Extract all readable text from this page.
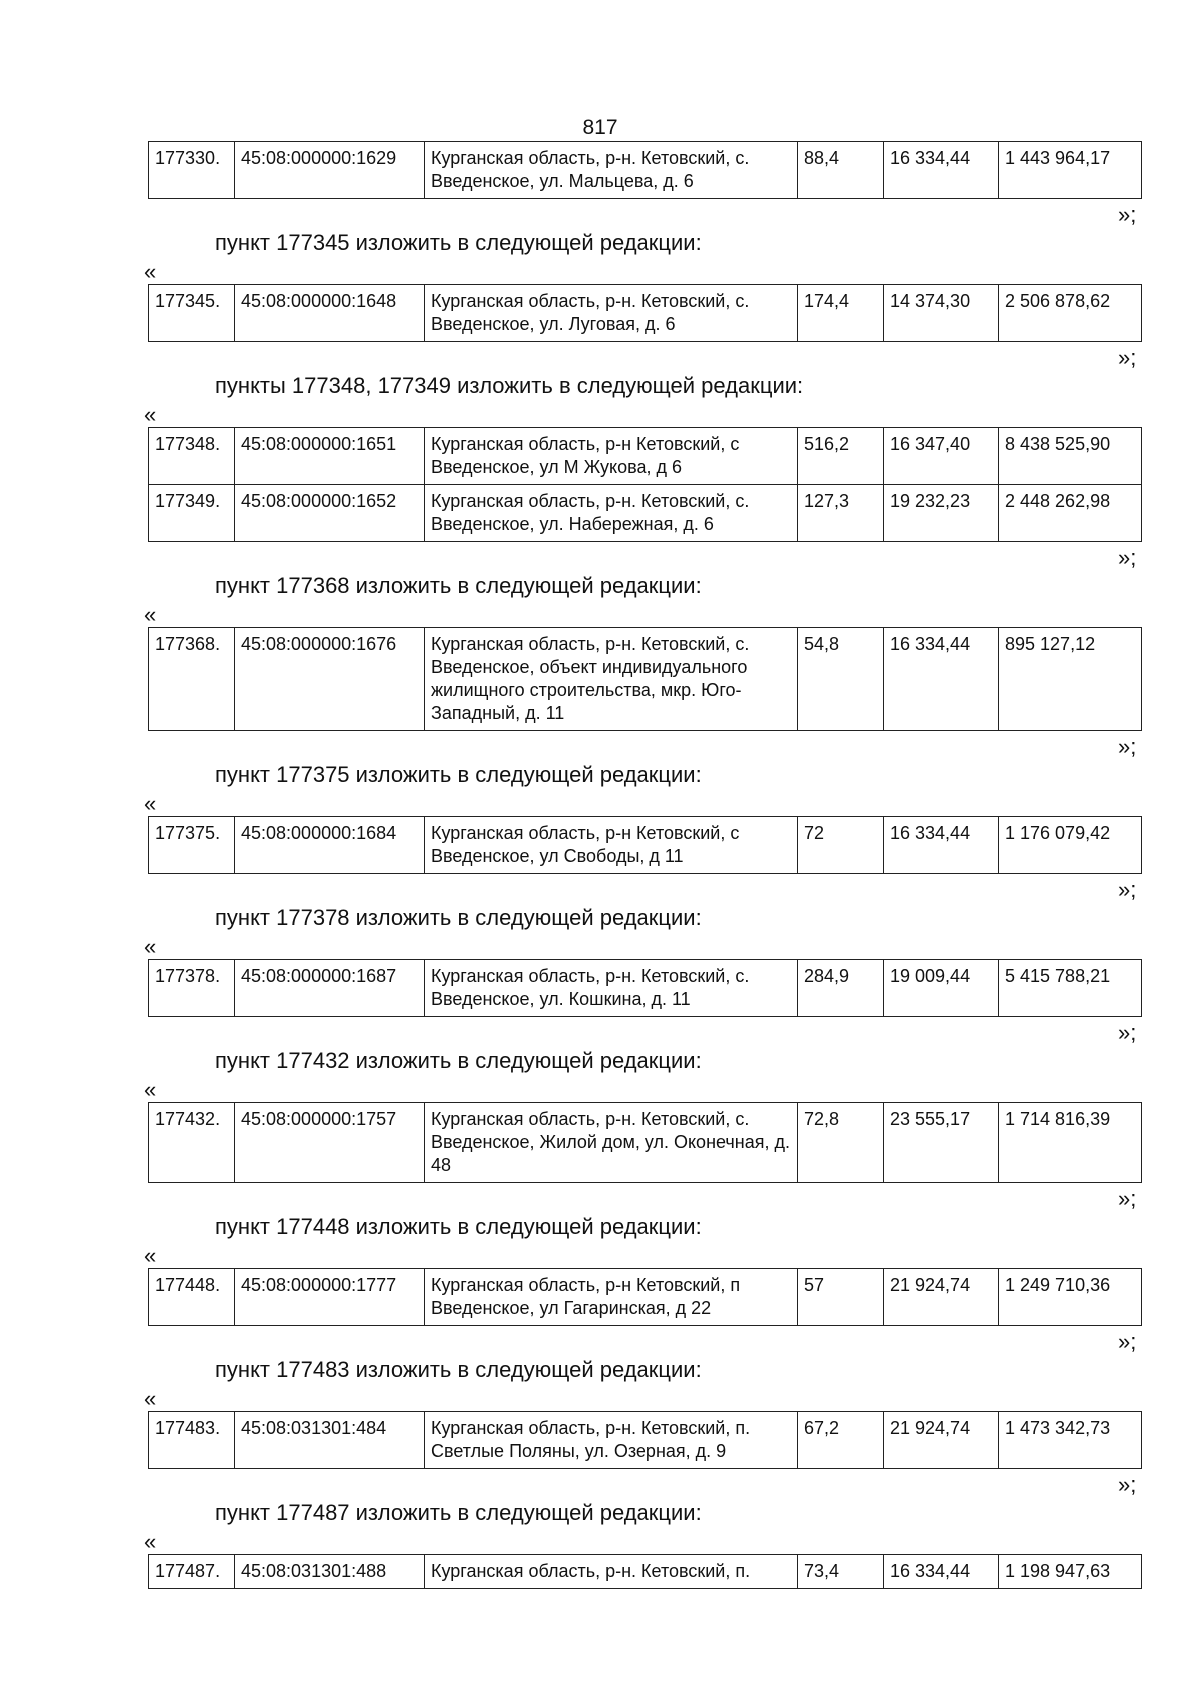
817
177330.	45:08:000000:1629	Курганская область, р-н. Кетовский, с. Введенское, ул. Мальцева, д. 6	88,4	16 334,44	1 443 964,17
»;
пункт 177345 изложить в следующей редакции:
«
177345.	45:08:000000:1648	Курганская область, р-н. Кетовский, с. Введенское, ул. Луговая, д. 6	174,4	14 374,30	2 506 878,62
»;
пункты 177348, 177349 изложить в следующей редакции:
«
177348.	45:08:000000:1651	Курганская область, р-н Кетовский, с Введенское, ул М Жукова, д 6	516,2	16 347,40	8 438 525,90
177349.	45:08:000000:1652	Курганская область, р-н. Кетовский, с. Введенское, ул. Набережная, д. 6	127,3	19 232,23	2 448 262,98
»;
пункт 177368 изложить в следующей редакции:
«
177368.	45:08:000000:1676	Курганская область, р-н. Кетовский, с. Введенское, объект индивидуального жилищного строительства, мкр. Юго-Западный, д. 11	54,8	16 334,44	895 127,12
»;
пункт 177375 изложить в следующей редакции:
«
177375.	45:08:000000:1684	Курганская область, р-н Кетовский, с Введенское, ул Свободы, д 11	72	16 334,44	1 176 079,42
»;
пункт 177378 изложить в следующей редакции:
«
177378.	45:08:000000:1687	Курганская область, р-н. Кетовский, с. Введенское, ул. Кошкина, д. 11	284,9	19 009,44	5 415 788,21
»;
пункт 177432 изложить в следующей редакции:
«
177432.	45:08:000000:1757	Курганская область, р-н. Кетовский, с. Введенское, Жилой дом, ул. Оконечная, д. 48	72,8	23 555,17	1 714 816,39
»;
пункт 177448 изложить в следующей редакции:
«
177448.	45:08:000000:1777	Курганская область, р-н Кетовский, п Введенское, ул Гагаринская, д 22	57	21 924,74	1 249 710,36
»;
пункт 177483 изложить в следующей редакции:
«
177483.	45:08:031301:484	Курганская область, р-н. Кетовский, п. Светлые Поляны, ул. Озерная, д. 9	67,2	21 924,74	1 473 342,73
»;
пункт 177487 изложить в следующей редакции:
«
177487.	45:08:031301:488	Курганская область, р-н. Кетовский, п.	73,4	16 334,44	1 198 947,63
